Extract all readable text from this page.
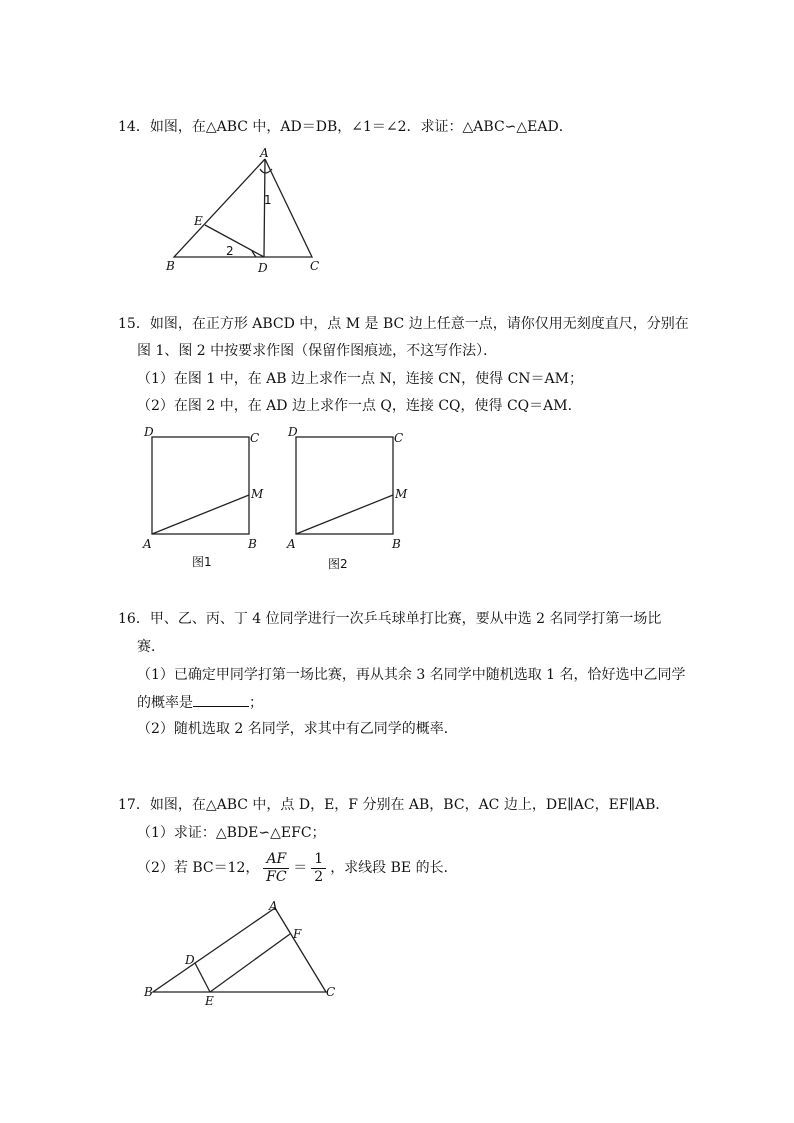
14．如图，在△ABC 中，AD＝DB，∠1＝∠2．求证：△ABC∽△EAD．
A
B	C
D
E
1
2
15．如图，在正方形 ABCD 中，点 M 是 BC 边上任意一点，请你仅用无刻度直尺，分别在
图 1、图 2 中按要求作图（保留作图痕迹，不这写作法）．
（1）在图 1 中，在 AB 边上求作一点 N，连接 CN，使得 CN＝AM；
（2）在图 2 中，在 AD 边上求作一点 Q，连接 CQ，使得 CQ＝AM．
D	C
M
A	B
图1
D	C
M
A	B
图2
16．甲、乙、丙、丁 4 位同学进行一次乒乓球单打比赛，要从中选 2 名同学打第一场比
赛．
（1）已确定甲同学打第一场比赛，再从其余 3 名同学中随机选取 1 名，恰好选中乙同学
的概率是	；
（2）随机选取 2 名同学，求其中有乙同学的概率．
17．如图，在△ABC 中，点 D，E，F 分别在 AB，BC，AC 边上，DE∥AC，EF∥AB．
（1）求证：△BDE∽△EFC；
（2）若 BC＝12， $\frac{AF}{FC} = \frac{1}{2}$ ，求线段 BE 的长．
A
B	C
D
E
F
